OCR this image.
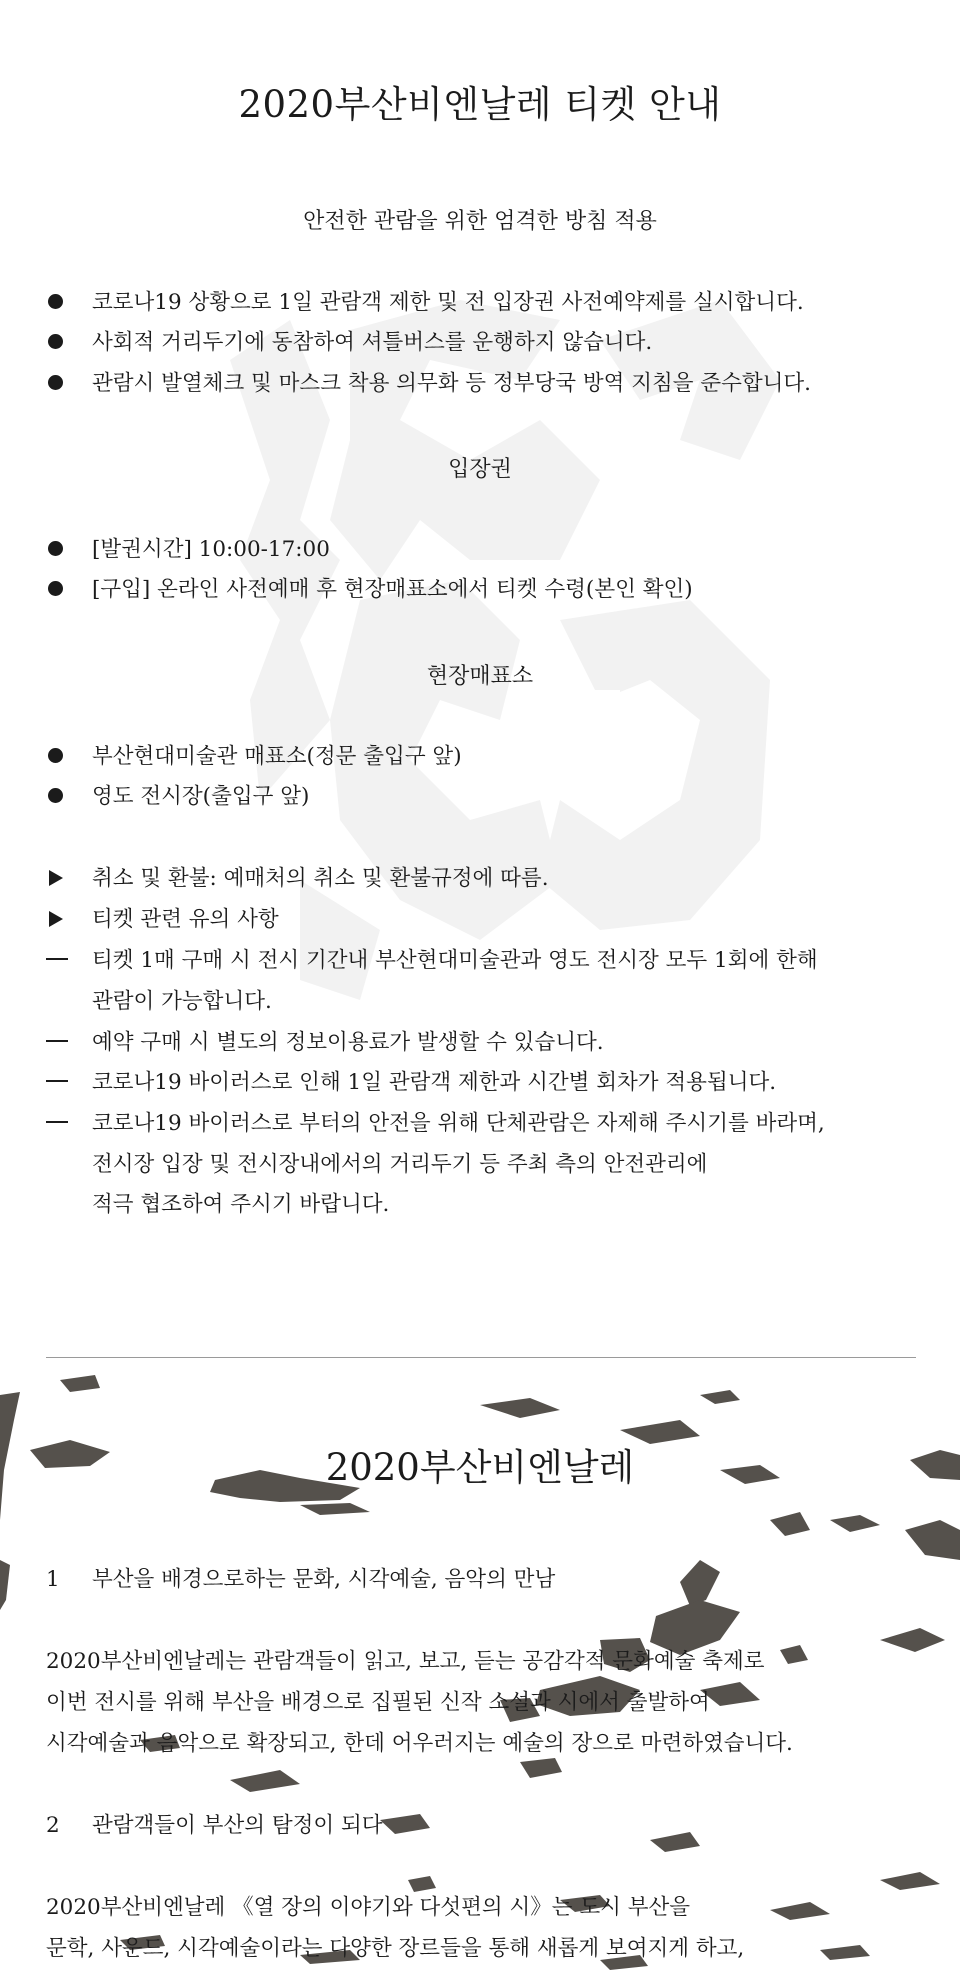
2020부산비엔날레 티켓 안내
안전한 관람을 위한 엄격한 방침 적용
코로나19 상황으로 1일 관람객 제한 및 전 입장권 사전예약제를 실시합니다.
사회적 거리두기에 동참하여 셔틀버스를 운행하지 않습니다.
관람시 발열체크 및 마스크 착용 의무화 등 정부당국 방역 지침을 준수합니다.
입장권
[발권시간] 10:00-17:00
[구입] 온라인 사전예매 후 현장매표소에서 티켓 수령(본인 확인)
현장매표소
부산현대미술관 매표소(정문 출입구 앞)
영도 전시장(출입구 앞)
취소 및 환불: 예매처의 취소 및 환불규정에 따름.
티켓 관련 유의 사항
티켓 1매 구매 시 전시 기간내 부산현대미술관과 영도 전시장 모두 1회에 한해
관람이 가능합니다.
예약 구매 시 별도의 정보이용료가 발생할 수 있습니다.
코로나19 바이러스로 인해 1일 관람객 제한과 시간별 회차가 적용됩니다.
코로나19 바이러스로 부터의 안전을 위해 단체관람은 자제해 주시기를 바라며,
전시장 입장 및 전시장내에서의 거리두기 등 주최 측의 안전관리에
적극 협조하여 주시기 바랍니다.
2020부산비엔날레
1 부산을 배경으로하는 문화, 시각예술, 음악의 만남
2020부산비엔날레는 관람객들이 읽고, 보고, 듣는 공감각적 문화예술 축제로
이번 전시를 위해 부산을 배경으로 집필된 신작 소설과 시에서 출발하여
시각예술과 음악으로 확장되고, 한데 어우러지는 예술의 장으로 마련하였습니다.
2 관람객들이 부산의 탐정이 되다
2020부산비엔날레 《열 장의 이야기와 다섯편의 시》는 도시 부산을
문학, 사운드, 시각예술이라는 다양한 장르들을 통해 새롭게 보여지게 하고,
